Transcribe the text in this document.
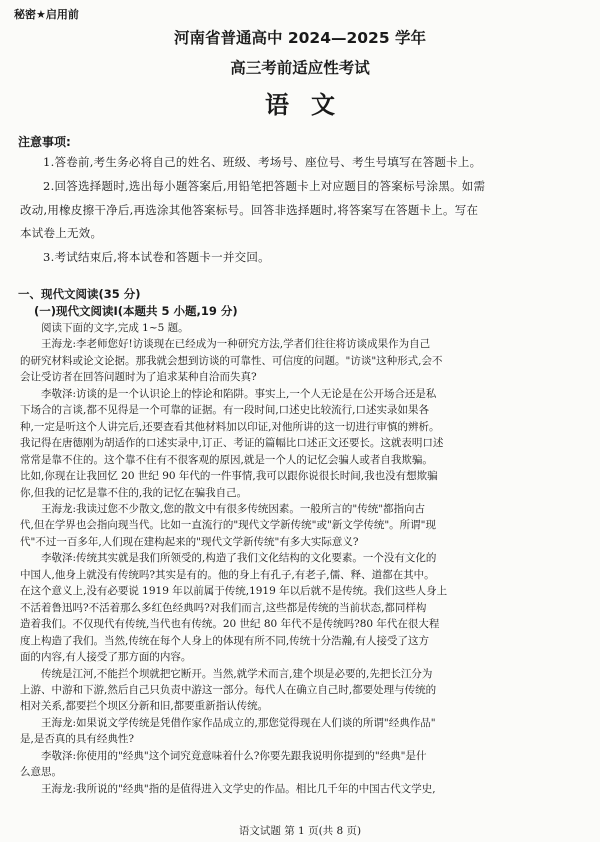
秘密★启用前
河南省普通高中 2024—2025 学年
高三考前适应性考试
语文
注意事项:

1.答卷前,考生务必将自己的姓名、班级、考场号、座位号、考生号填写在答题卡上。

2.回答选择题时,选出每小题答案后,用铅笔把答题卡上对应题目的答案标号涂黑。如需

改动,用橡皮擦干净后,再选涂其他答案标号。回答非选择题时,将答案写在答题卡上。写在

本试卷上无效。

3.考试结束后,将本试卷和答题卡一并交回。

一、现代文阅读(35 分)
(一)现代文阅读Ⅰ(本题共 5 小题,19 分)

阅读下面的文字,完成 1~5 题。

王海龙:李老师您好!访谈现在已经成为一种研究方法,学者们往往将访谈成果作为自己

的研究材料或论文论据。那我就会想到访谈的可靠性、可信度的问题。"访谈"这种形式,会不

会让受访者在回答问题时为了追求某种自洽而失真?

李敬泽:访谈的是一个认识论上的悖论和陷阱。事实上,一个人无论是在公开场合还是私

下场合的言谈,都不见得是一个可靠的证据。有一段时间,口述史比较流行,口述实录如果各

种,一定是听这个人讲完后,还要查看其他材料加以印证,对他所讲的这一切进行审慎的辨析。

我记得在唐德刚为胡适作的口述实录中,订正、考证的篇幅比口述正文还要长。这就表明口述

常常是靠不住的。这个靠不住有不很客观的原因,就是一个人的记忆会骗人或者自我欺骗。

比如,你现在让我回忆 20 世纪 90 年代的一件事情,我可以跟你说很长时间,我也没有想欺骗

你,但我的记忆是靠不住的,我的记忆在骗我自己。

王海龙:我读过您不少散文,您的散文中有很多传统因素。一般所言的"传统"都指向古

代,但在学界也会指向现当代。比如一直流行的"现代文学新传统"或"新文学传统"。所谓"现

代"不过一百多年,人们现在建构起来的"现代文学新传统"有多大实际意义?

李敬泽:传统其实就是我们所领受的,构造了我们文化结构的文化要素。一个没有文化的

中国人,他身上就没有传统吗?其实是有的。他的身上有孔子,有老子,儒、释、道都在其中。

在这个意义上,没有必要说 1919 年以前属于传统,1919 年以后就不是传统。我们这些人身上

不活着鲁迅吗?不活着那么多红色经典吗?对我们而言,这些都是传统的当前状态,都同样构

造着我们。不仅现代有传统,当代也有传统。20 世纪 80 年代不是传统吗?80 年代在很大程

度上构造了我们。当然,传统在每个人身上的体现有所不同,传统十分浩瀚,有人接受了这方

面的内容,有人接受了那方面的内容。

传统是江河,不能拦个坝就把它断开。当然,就学术而言,建个坝是必要的,先把长江分为

上游、中游和下游,然后自己只负责中游这一部分。每代人在确立自己时,都要处理与传统的

相对关系,都要拦个坝区分新和旧,都要重新指认传统。

王海龙:如果说文学传统是凭借作家作品成立的,那您觉得现在人们谈的所谓"经典作品"

是,是否真的具有经典性?

李敬泽:你使用的"经典"这个词究竟意味着什么?你要先跟我说明你提到的"经典"是什

么意思。

王海龙:我所说的"经典"指的是值得进入文学史的作品。相比几千年的中国古代文学史,

语文试题 第 1 页(共 8 页)
